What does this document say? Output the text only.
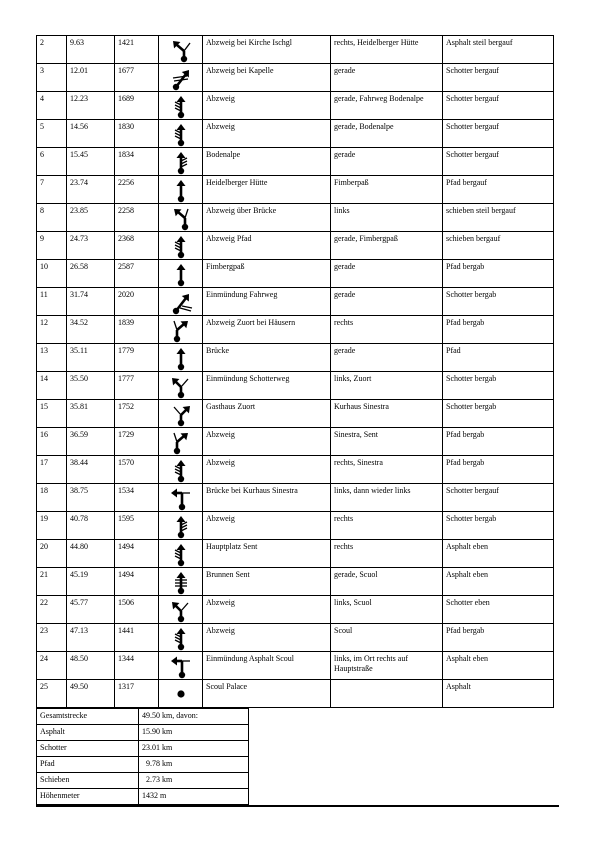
2	9.63	1421		Abzweig bei Kirche Ischgl	rechts, Heidelberger Hütte	Asphalt steil bergauf
3	12.01	1677		Abzweig bei Kapelle	gerade	Schotter bergauf
4	12.23	1689		Abzweig	gerade, Fahrweg Bodenalpe	Schotter bergauf
5	14.56	1830		Abzweig	gerade, Bodenalpe	Schotter bergauf
6	15.45	1834		Bodenalpe	gerade	Schotter bergauf
7	23.74	2256		Heidelberger Hütte	Fimberpaß	Pfad bergauf
8	23.85	2258		Abzweig über Brücke	links	schieben steil bergauf
9	24.73	2368		Abzweig Pfad	gerade, Fimbergpaß	schieben bergauf
10	26.58	2587		Fimbergpaß	gerade	Pfad bergab
11	31.74	2020		Einmündung Fahrweg	gerade	Schotter bergab
12	34.52	1839		Abzweig Zuort bei Häusern	rechts	Pfad bergab
13	35.11	1779		Brücke	gerade	Pfad
14	35.50	1777		Einmündung Schotterweg	links, Zuort	Schotter bergab
15	35.81	1752		Gasthaus Zuort	Kurhaus Sinestra	Schotter bergab
16	36.59	1729		Abzweig	Sinestra, Sent	Pfad bergab
17	38.44	1570		Abzweig	rechts, Sinestra	Pfad bergab
18	38.75	1534		Brücke bei Kurhaus Sinestra	links, dann wieder links	Schotter bergauf
19	40.78	1595		Abzweig	rechts	Schotter bergab
20	44.80	1494		Hauptplatz Sent	rechts	Asphalt eben
21	45.19	1494		Brunnen Sent	gerade, Scuol	Asphalt eben
22	45.77	1506		Abzweig	links, Scuol	Schotter eben
23	47.13	1441		Abzweig	Scoul	Pfad bergab
24	48.50	1344		Einmündung Asphalt Scoul	links, im Ort rechts auf Hauptstraße	Asphalt eben
25	49.50	1317		Scoul Palace		Asphalt
Gesamtstrecke	49.50 km, davon:
Asphalt	15.90 km
Schotter	23.01 km
Pfad	9.78 km
Schieben	2.73 km
Höhenmeter	1432 m
